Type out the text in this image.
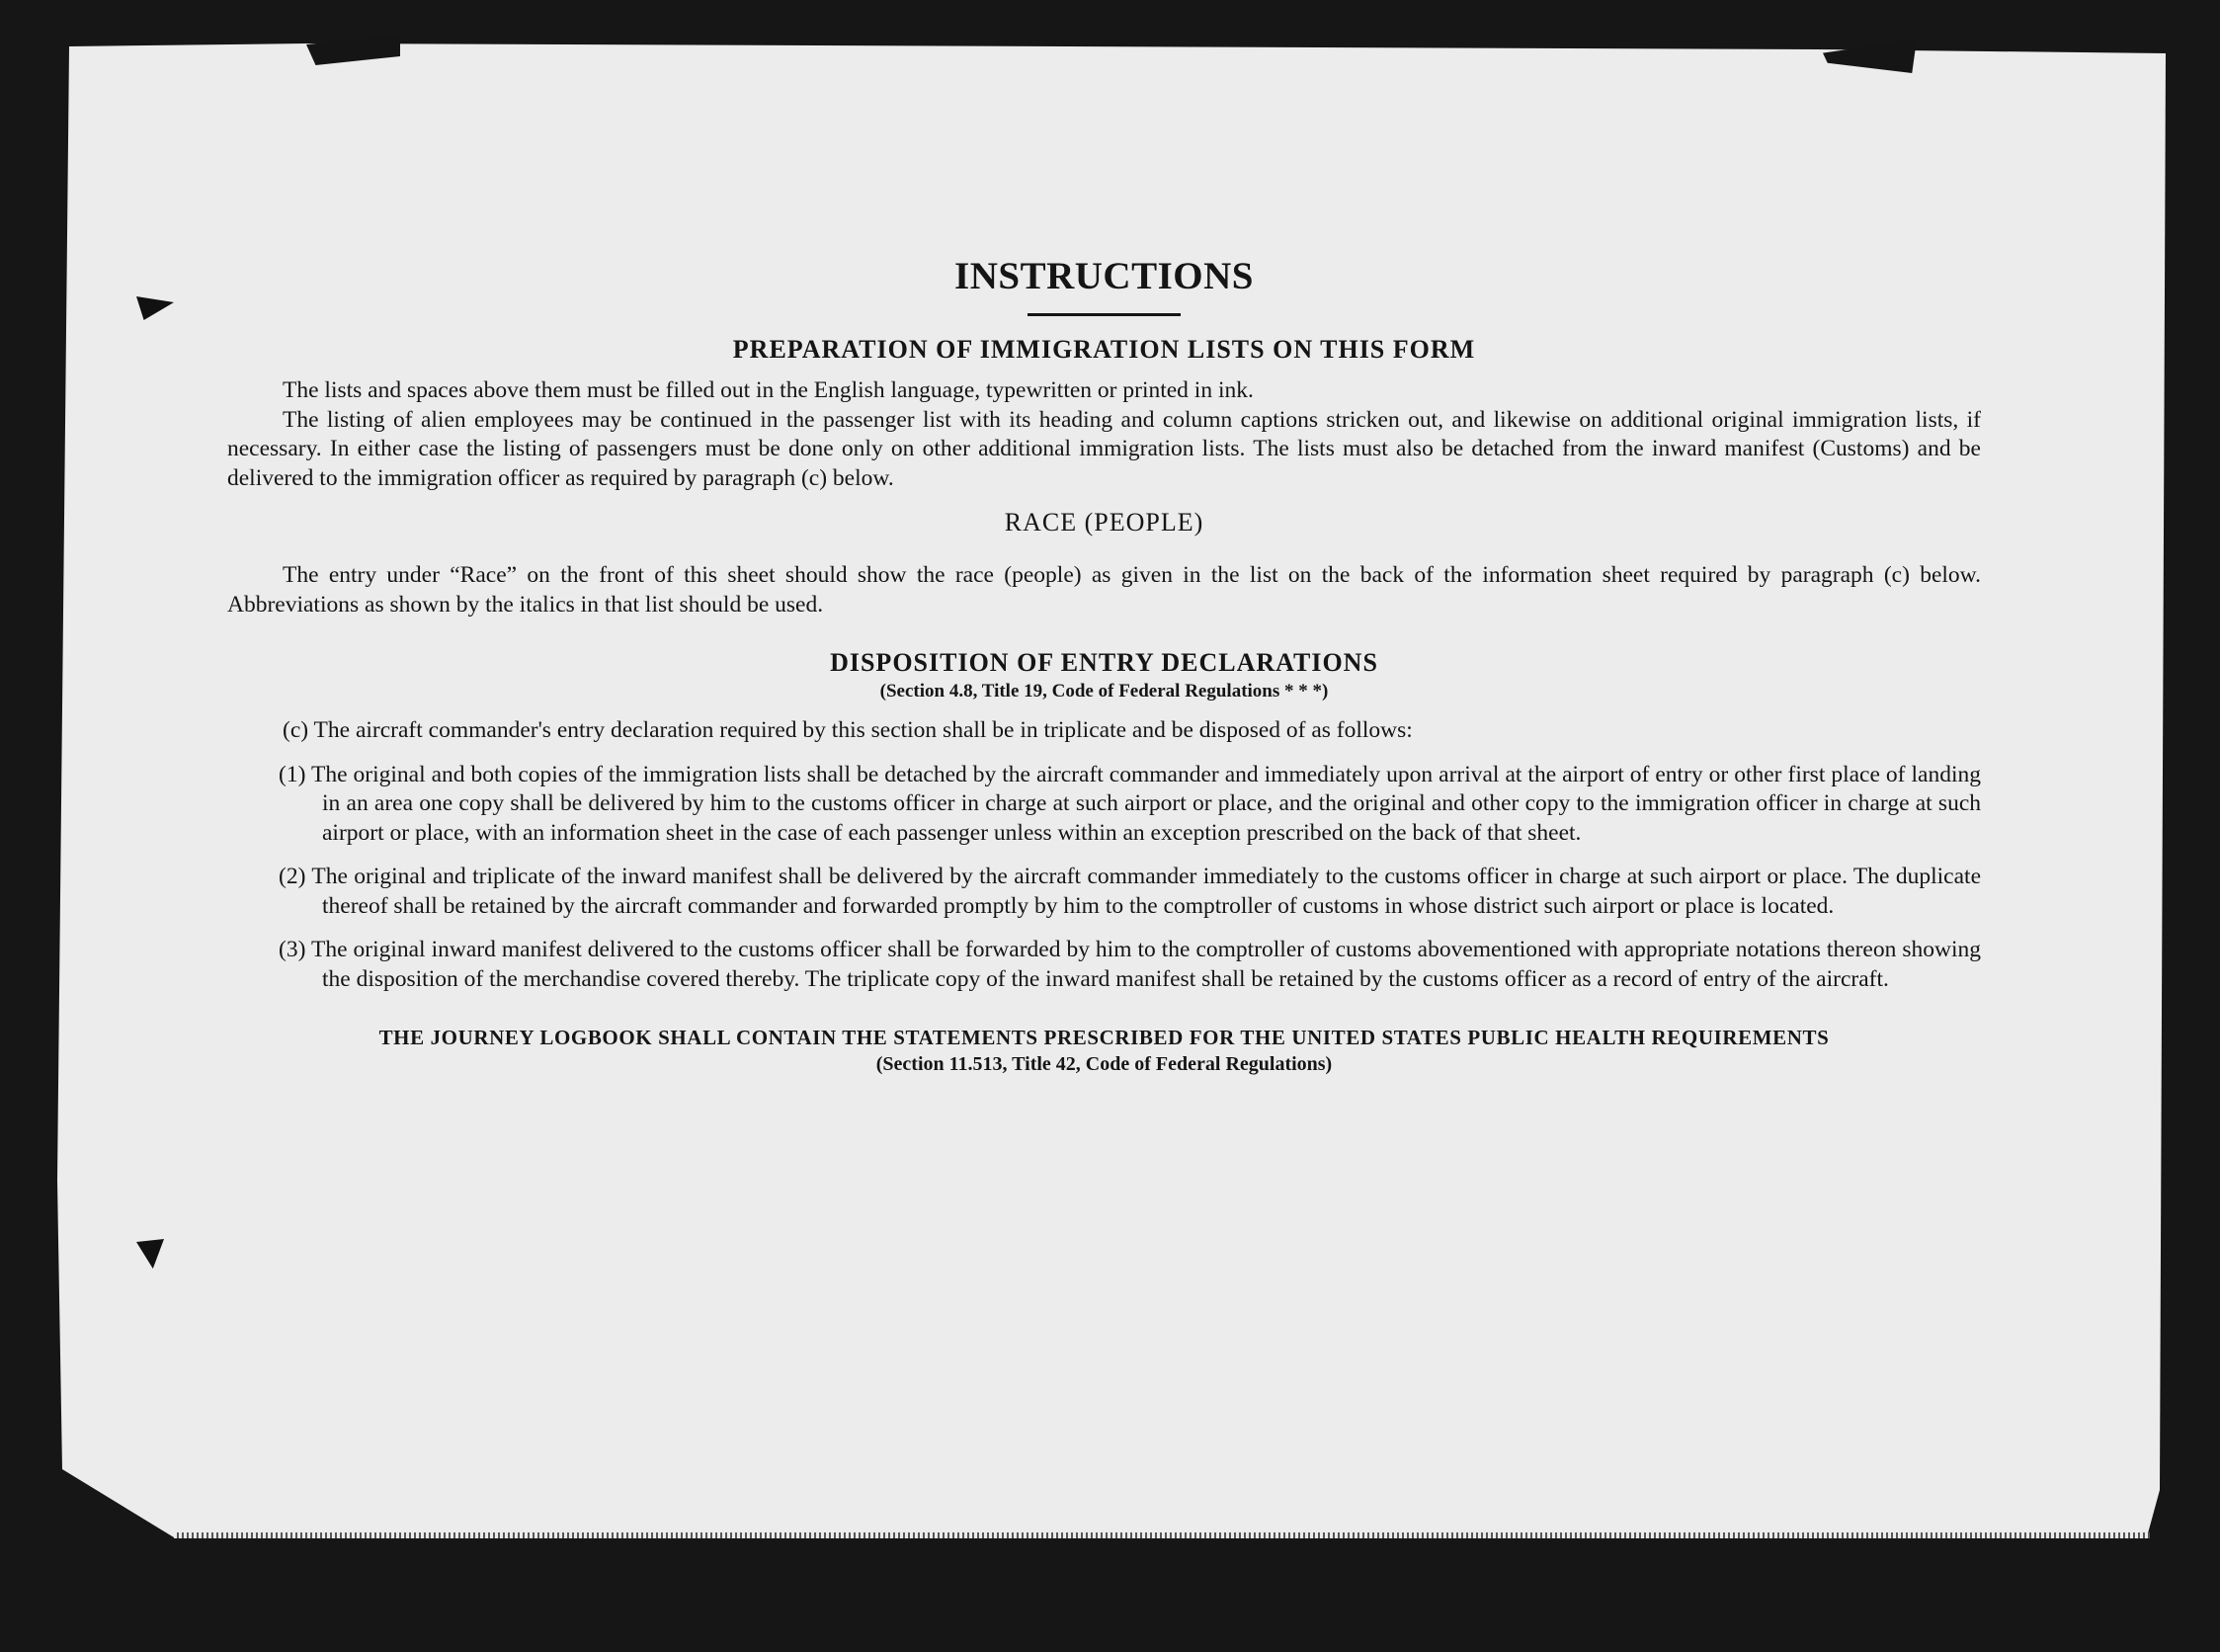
INSTRUCTIONS
PREPARATION OF IMMIGRATION LISTS ON THIS FORM

The lists and spaces above them must be filled out in the English language, typewritten or printed in ink.

The listing of alien employees may be continued in the passenger list with its heading and column captions stricken out, and likewise on additional original immigration lists, if necessary. In either case the listing of passengers must be done only on other additional immigration lists. The lists must also be detached from the inward manifest (Customs) and be delivered to the immigration officer as required by paragraph (c) below.

RACE (PEOPLE)

The entry under “Race” on the front of this sheet should show the race (people) as given in the list on the back of the information sheet required by paragraph (c) below. Abbreviations as shown by the italics in that list should be used.

DISPOSITION OF ENTRY DECLARATIONS

(Section 4.8, Title 19, Code of Federal Regulations * * *)

(c) The aircraft commander's entry declaration required by this section shall be in triplicate and be disposed of as follows:

(1) The original and both copies of the immigration lists shall be detached by the aircraft commander and immediately upon arrival at the airport of entry or other first place of landing in an area one copy shall be delivered by him to the customs officer in charge at such airport or place, and the original and other copy to the immigration officer in charge at such airport or place, with an information sheet in the case of each passenger unless within an exception prescribed on the back of that sheet.

(2) The original and triplicate of the inward manifest shall be delivered by the aircraft commander immediately to the customs officer in charge at such airport or place. The duplicate thereof shall be retained by the aircraft commander and forwarded promptly by him to the comptroller of customs in whose district such airport or place is located.

(3) The original inward manifest delivered to the customs officer shall be forwarded by him to the comptroller of customs abovementioned with appropriate notations thereon showing the disposition of the merchandise covered thereby. The triplicate copy of the inward manifest shall be retained by the customs officer as a record of entry of the aircraft.

THE JOURNEY LOGBOOK SHALL CONTAIN THE STATEMENTS PRESCRIBED FOR THE UNITED STATES PUBLIC HEALTH REQUIREMENTS

(Section 11.513, Title 42, Code of Federal Regulations)
